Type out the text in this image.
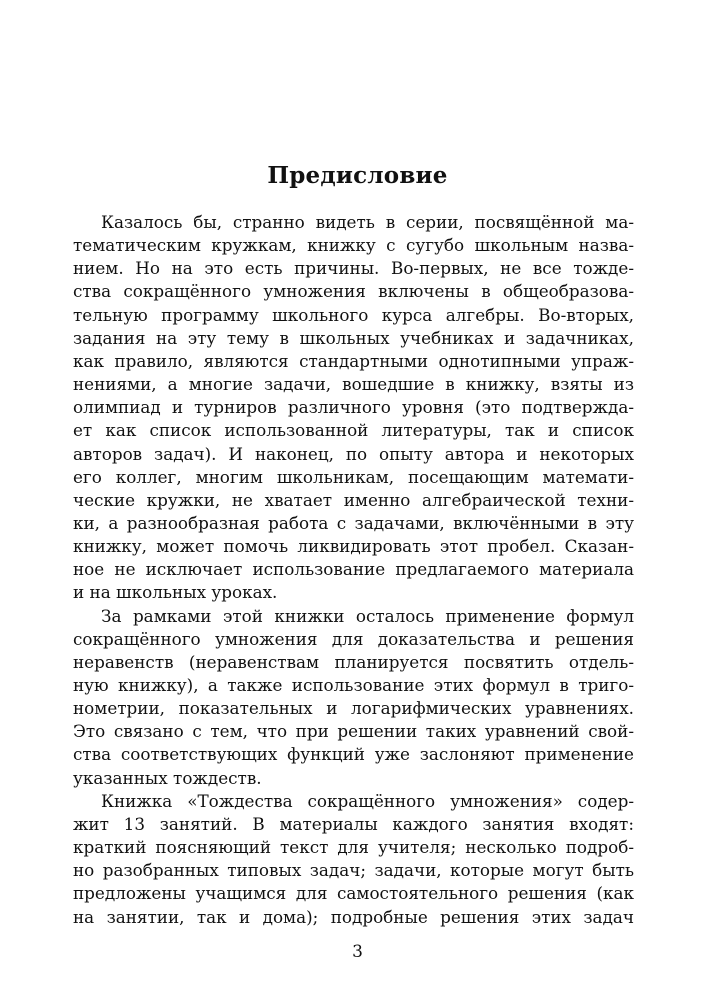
Предисловие
Казалось бы, странно видеть в серии, посвящённой ма-
тематическим кружкам, книжку с сугубо школьным назва-
нием. Но на это есть причины. Во-первых, не все тожде-
ства сокращённого умножения включены в общеобразова-
тельную программу школьного курса алгебры. Во-вторых,
задания на эту тему в школьных учебниках и задачниках,
как правило, являются стандартными однотипными упраж-
нениями, а многие задачи, вошедшие в книжку, взяты из
олимпиад и турниров различного уровня (это подтвержда-
ет как список использованной литературы, так и список
авторов задач). И наконец, по опыту автора и некоторых
его коллег, многим школьникам, посещающим математи-
ческие кружки, не хватает именно алгебраической техни-
ки, а разнообразная работа с задачами, включёнными в эту
книжку, может помочь ликвидировать этот пробел. Сказан-
ное не исключает использование предлагаемого материала
и на школьных уроках.
За рамками этой книжки осталось применение формул
сокращённого умножения для доказательства и решения
неравенств (неравенствам планируется посвятить отдель-
ную книжку), а также использование этих формул в триго-
нометрии, показательных и логарифмических уравнениях.
Это связано с тем, что при решении таких уравнений свой-
ства соответствующих функций уже заслоняют применение
указанных тождеств.
Книжка «Тождества сокращённого умножения» содер-
жит 13 занятий. В материалы каждого занятия входят:
краткий поясняющий текст для учителя; несколько подроб-
но разобранных типовых задач; задачи, которые могут быть
предложены учащимся для самостоятельного решения (как
на занятии, так и дома); подробные решения этих задач
3
